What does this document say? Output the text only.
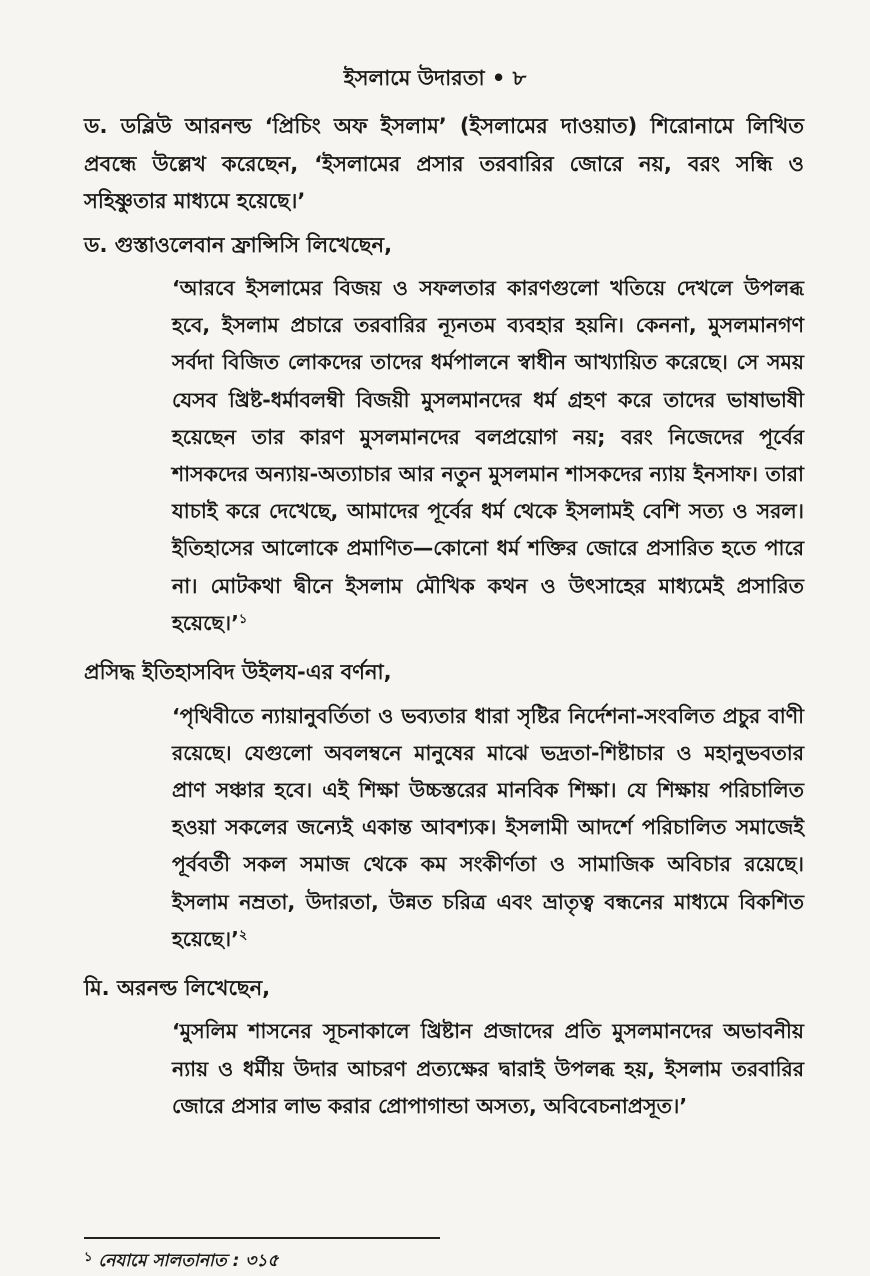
ইসলামে উদারতা • ৮

ড. ডব্লিউ আরনল্ড ‘প্রিচিং অফ ইসলাম’ (ইসলামের দাওয়াত) শিরোনামে লিখিত প্রবন্ধে উল্লেখ করেছেন, ‘ইসলামের প্রসার তরবারির জোরে নয়, বরং সন্ধি ও সহিষ্ণুতার মাধ্যমে হয়েছে।’

ড. গুস্তাওলেবান ফ্রান্সিসি লিখেছেন,

‘আরবে ইসলামের বিজয় ও সফলতার কারণগুলো খতিয়ে দেখলে উপলব্ধ হবে, ইসলাম প্রচারে তরবারির ন্যূনতম ব্যবহার হয়নি। কেননা, মুসলমানগণ সর্বদা বিজিত লোকদের তাদের ধর্মপালনে স্বাধীন আখ্যায়িত করেছে। সে সময় যেসব খ্রিষ্ট-ধর্মাবলম্বী বিজয়ী মুসলমানদের ধর্ম গ্রহণ করে তাদের ভাষাভাষী হয়েছেন তার কারণ মুসলমানদের বলপ্রয়োগ নয়; বরং নিজেদের পূর্বের শাসকদের অন্যায়-অত্যাচার আর নতুন মুসলমান শাসকদের ন্যায় ইনসাফ। তারা যাচাই করে দেখেছে, আমাদের পূর্বের ধর্ম থেকে ইসলামই বেশি সত্য ও সরল। ইতিহাসের আলোকে প্রমাণিত—কোনো ধর্ম শক্তির জোরে প্রসারিত হতে পারে না। মোটকথা দ্বীনে ইসলাম মৌখিক কথন ও উৎসাহের মাধ্যমেই প্রসারিত হয়েছে।’$^১$

প্রসিদ্ধ ইতিহাসবিদ উইলয-এর বর্ণনা,

‘পৃথিবীতে ন্যায়ানুবর্তিতা ও ভব্যতার ধারা সৃষ্টির নির্দেশনা-সংবলিত প্রচুর বাণী রয়েছে। যেগুলো অবলম্বনে মানুষের মাঝে ভদ্রতা-শিষ্টাচার ও মহানুভবতার প্রাণ সঞ্চার হবে। এই শিক্ষা উচ্চস্তরের মানবিক শিক্ষা। যে শিক্ষায় পরিচালিত হওয়া সকলের জন্যেই একান্ত আবশ্যক। ইসলামী আদর্শে পরিচালিত সমাজেই পূর্ববর্তী সকল সমাজ থেকে কম সংকীর্ণতা ও সামাজিক অবিচার রয়েছে। ইসলাম নম্রতা, উদারতা, উন্নত চরিত্র এবং ভ্রাতৃত্ব বন্ধনের মাধ্যমে বিকশিত হয়েছে।’$^২$

মি. অরনল্ড লিখেছেন,

‘মুসলিম শাসনের সূচনাকালে খ্রিষ্টান প্রজাদের প্রতি মুসলমানদের অভাবনীয় ন্যায় ও ধর্মীয় উদার আচরণ প্রত্যক্ষের দ্বারাই উপলব্ধ হয়, ইসলাম তরবারির জোরে প্রসার লাভ করার প্রোপাগান্ডা অসত্য, অবিবেচনাপ্রসূত।’

$^১$ নেযামে সালতানাত : ৩১৫
